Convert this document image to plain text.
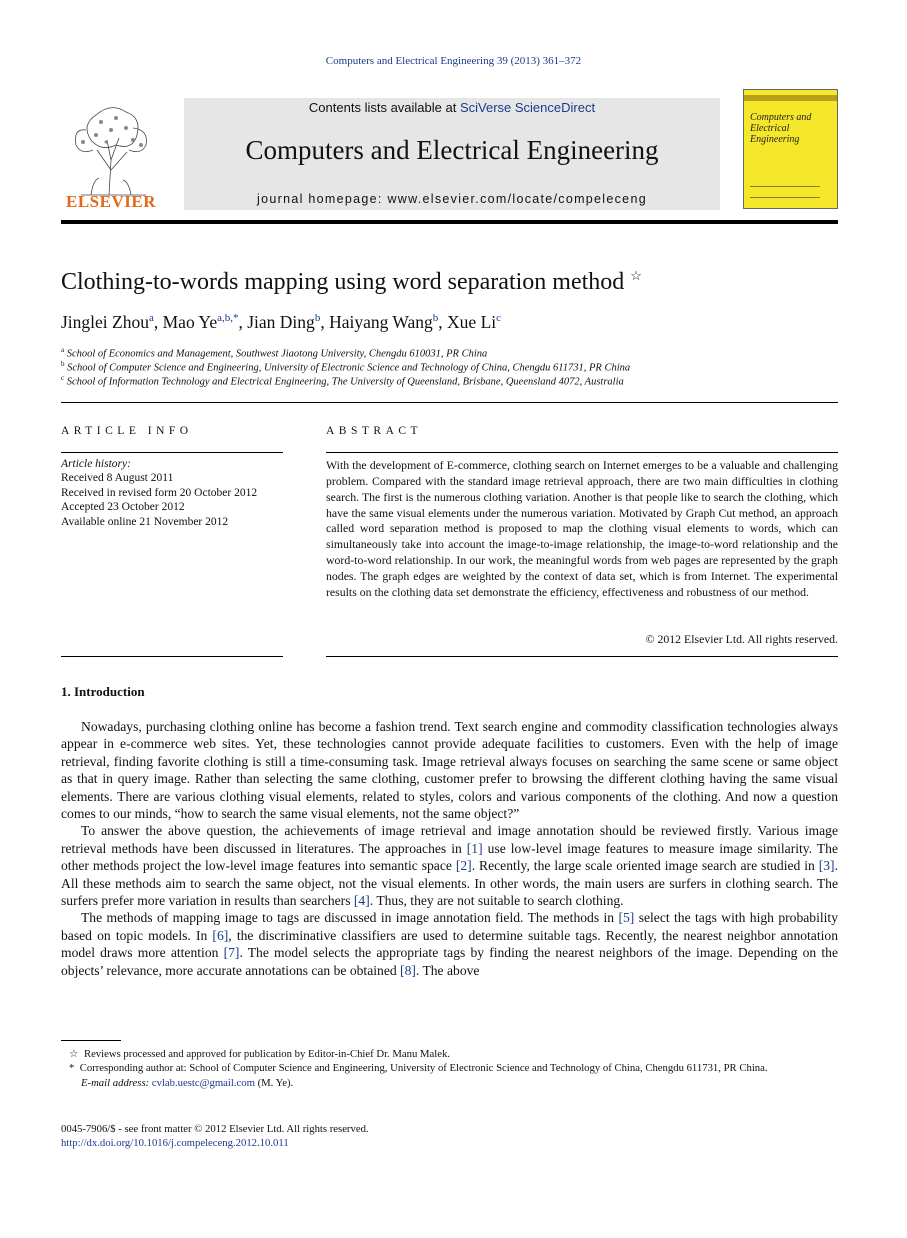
Computers and Electrical Engineering 39 (2013) 361–372
ELSEVIER
Contents lists available at SciVerse ScienceDirect
Computers and Electrical Engineering
journal homepage: www.elsevier.com/locate/compeleceng
Computers and Electrical Engineering
Clothing-to-words mapping using word separation method ☆
Jinglei Zhou$^a$, Mao $Ye^{a,b,*}$, Jian Ding$^b$, Haiyang Wang$^b$, Xue Li$^c$
$^a$ School of Economics and Management, Southwest Jiaotong University, Chengdu 610031, PR China
$^b$ School of Computer Science and Engineering, University of Electronic Science and Technology of China, Chengdu 611731, PR China
$^c$ School of Information Technology and Electrical Engineering, The University of Queensland, Brisbane, Queensland 4072, Australia
ARTICLE INFO	ABSTRACT
Article history:
Received 8 August 2011
Received in revised form 20 October 2012
Accepted 23 October 2012
Available online 21 November 2012
With the development of E-commerce, clothing search on Internet emerges to be a valuable and challenging problem. Compared with the standard image retrieval approach, there are two main difficulties in clothing search. The first is the numerous clothing variation. Another is that people like to search the clothing, which have the same visual elements under the numerous variation. Motivated by Graph Cut method, an approach called word separation method is proposed to map the clothing visual elements to words, which can simultaneously take into account the image-to-image relationship, the image-to-word relationship and the word-to-word relationship. In our work, the meaningful words from web pages are represented by the graph nodes. The graph edges are weighted by the context of data set, which is from Internet. The experimental results on the clothing data set demonstrate the efficiency, effectiveness and robustness of our method.
© 2012 Elsevier Ltd. All rights reserved.
1. Introduction

Nowadays, purchasing clothing online has become a fashion trend. Text search engine and commodity classification technologies always appear in e-commerce web sites. Yet, these technologies cannot provide adequate facilities to customers. Even with the help of image retrieval, finding favorite clothing is still a time-consuming task. Image retrieval always focuses on searching the same scene or same object as that in query image. Rather than selecting the same clothing, customer prefer to browsing the different clothing having the same visual elements. There are various clothing visual elements, related to styles, colors and various components of the clothing. And now a question comes to our minds, “how to search the same visual elements, not the same object?”

To answer the above question, the achievements of image retrieval and image annotation should be reviewed firstly. Various image retrieval methods have been discussed in literatures. The approaches in [1] use low-level image features to measure image similarity. The other methods project the low-level image features into semantic space [2]. Recently, the large scale oriented image search are studied in [3]. All these methods aim to search the same object, not the visual elements. In other words, the main users are surfers in clothing search. The surfers prefer more variation in results than searchers [4]. Thus, they are not suitable to search clothing.

The methods of mapping image to tags are discussed in image annotation field. The methods in [5] select the tags with high probability based on topic models. In [6], the discriminative classifiers are used to determine suitable tags. Recently, the nearest neighbor annotation model draws more attention [7]. The model selects the appropriate tags by finding the nearest neighbors of the image. Depending on the objects’ relevance, more accurate annotations can be obtained [8]. The above

☆ Reviews processed and approved for publication by Editor-in-Chief Dr. Manu Malek.
* Corresponding author at: School of Computer Science and Engineering, University of Electronic Science and Technology of China, Chengdu 611731, PR China.
E-mail address: cvlab.uestc@gmail.com (M. Ye).
0045-7906/$ - see front matter © 2012 Elsevier Ltd. All rights reserved.
http://dx.doi.org/10.1016/j.compeleceng.2012.10.011
